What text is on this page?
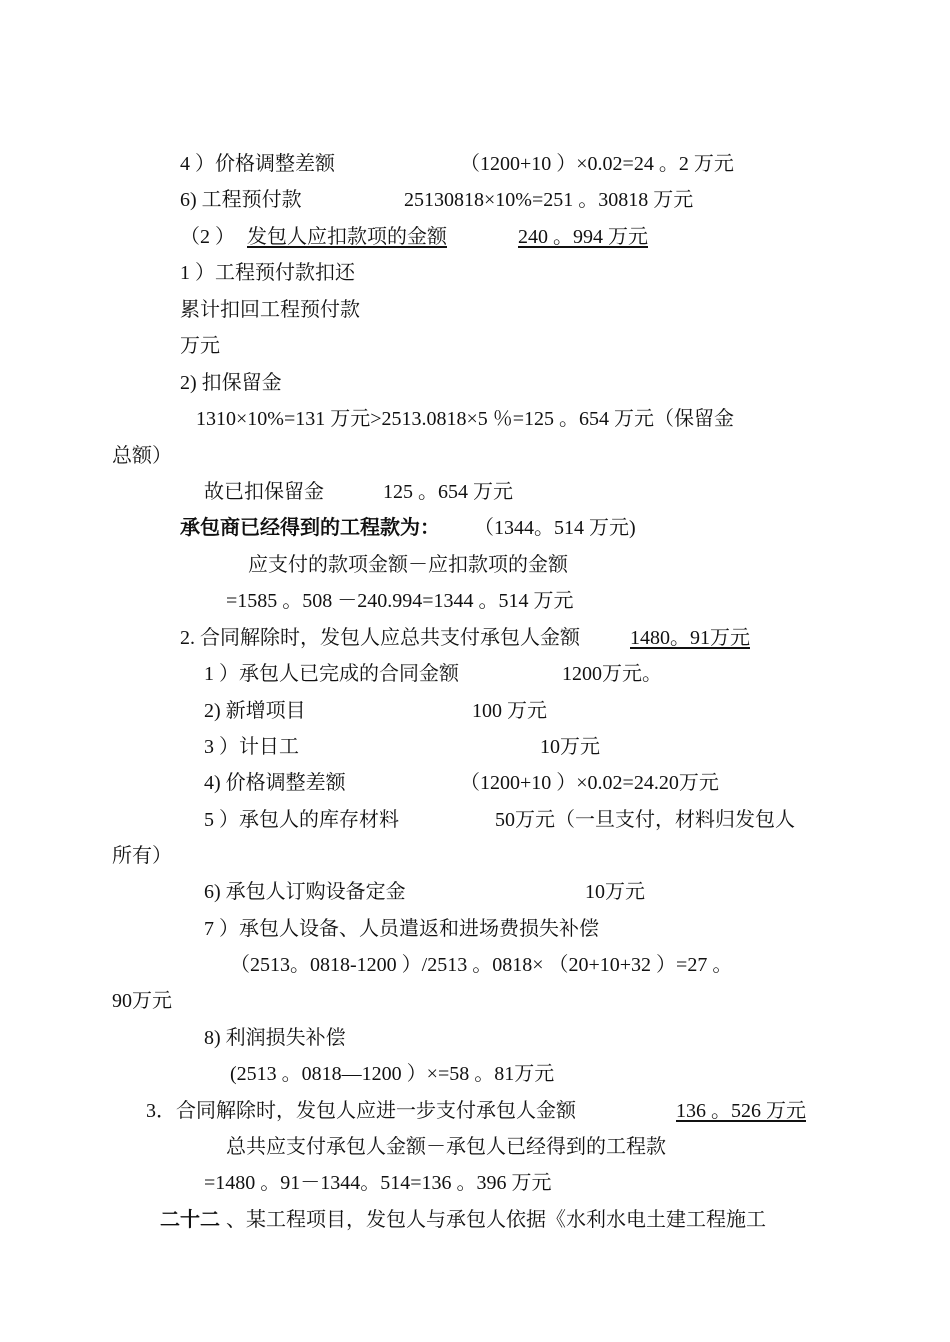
4 ）价格调整差额	（1200+10 ）×0.02=24 。2 万元
6) 工程预付款	25130818×10%=251 。30818 万元
（2 ） 发包人应扣款项的金额	240 。994 万元
1 ）工程预付款扣还
累计扣回工程预付款
万元
2) 扣保留金
1310×10%=131 万元>2513.0818×5 ％=125 。654 万元（保留金
总额）
故已扣保留金	125 。654 万元
承包商已经得到的工程款为： （1344。514 万元)
应支付的款项金额－应扣款项的金额
=1585 。508 －240.994=1344 。514 万元
2. 合同解除时，发包人应总共支付承包人金额	1480。91万元
1 ）承包人已完成的合同金额	1200万元。
2) 新增项目	100 万元
3 ）计日工	10万元
4) 价格调整差额	（1200+10 ）×0.02=24.20万元
5 ）承包人的库存材料	50万元（一旦支付，材料归发包人
所有）
6) 承包人订购设备定金	10万元
7 ）承包人设备、人员遣返和进场费损失补偿
（2513。0818-1200 ）/2513 。0818× （20+10+32 ）=27 。
90万元
8) 利润损失补偿
(2513 。0818—1200 ）×=58 。81万元
3．合同解除时，发包人应进一步支付承包人金额	136 。526 万元
总共应支付承包人金额－承包人已经得到的工程款
=1480 。91－1344。514=136 。396 万元
二十二 、某工程项目，发包人与承包人依据《水利水电土建工程施工
